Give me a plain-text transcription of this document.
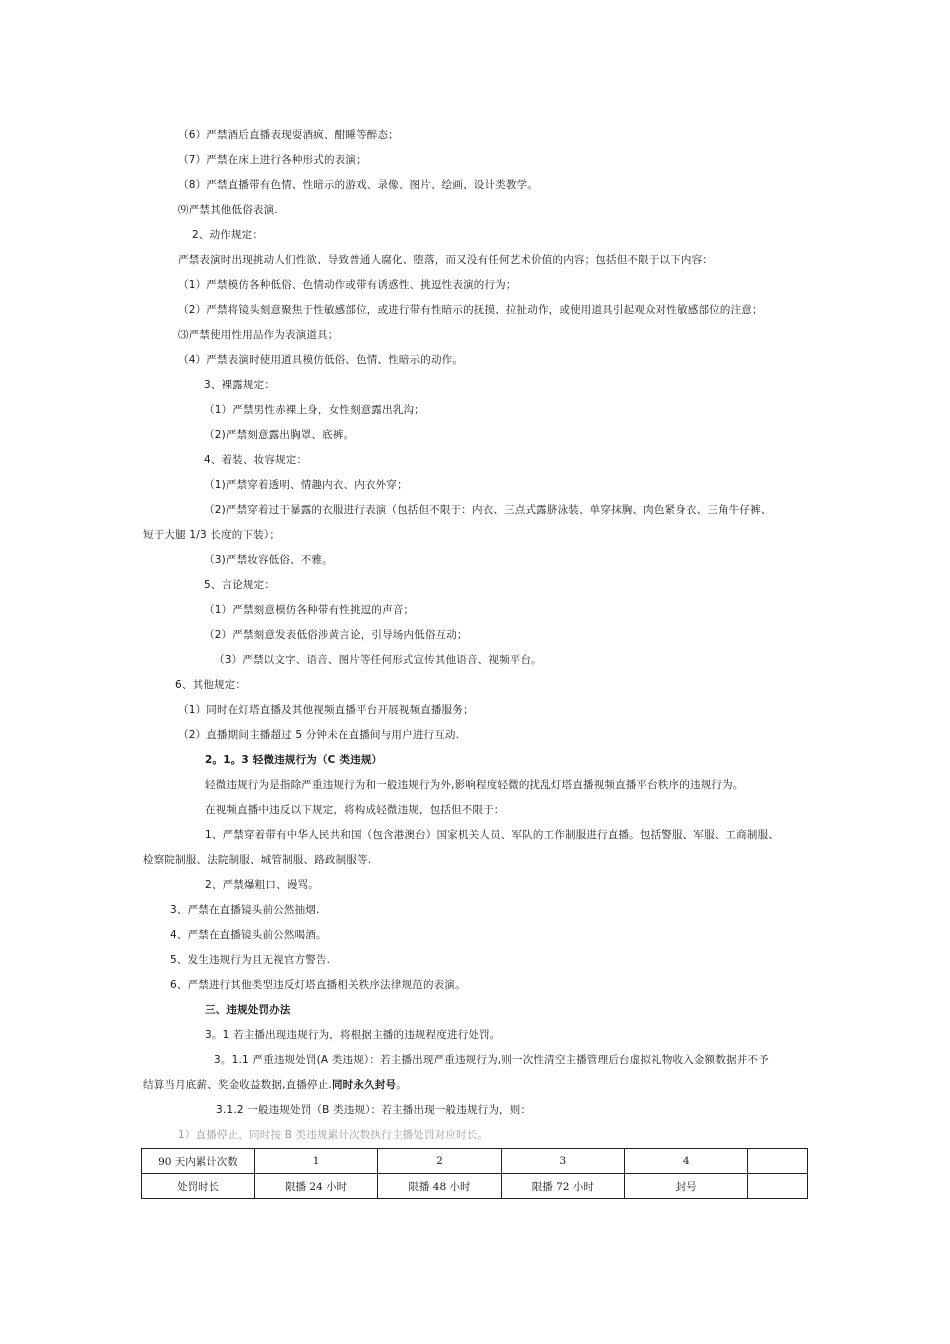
（6）严禁酒后直播表现耍酒疯、酣睡等醉态；
（7）严禁在床上进行各种形式的表演；
（8）严禁直播带有色情、性暗示的游戏、录像、图片、绘画、设计类教学。
⑼严禁其他低俗表演.
2、动作规定：
严禁表演时出现挑动人们性欲、导致普通人腐化、堕落，而又没有任何艺术价值的内容；包括但不限于以下内容：
（1）严禁模仿各种低俗、色情动作或带有诱惑性、挑逗性表演的行为；
（2）严禁将镜头刻意聚焦于性敏感部位，或进行带有性暗示的抚摸、拉扯动作，或使用道具引起观众对性敏感部位的注意；
⑶严禁使用性用品作为表演道具；
（4）严禁表演时使用道具模仿低俗、色情、性暗示的动作。
3、裸露规定：
（1）严禁男性赤裸上身，女性刻意露出乳沟；
（2)严禁刻意露出胸罩、底裤。
4、着装、妆容规定：
（1)严禁穿着透明、情趣内衣、内衣外穿；
（2)严禁穿着过于暴露的衣服进行表演（包括但不限于：内衣、三点式露脐泳装、单穿抹胸、肉色紧身衣、三角牛仔裤、
短于大腿 1/3 长度的下装）；
（3)严禁妆容低俗、不雅。
5、言论规定：
（1）严禁刻意模仿各种带有性挑逗的声音；
（2）严禁刻意发表低俗涉黄言论，引导场内低俗互动；
（3）严禁以文字、语音、图片等任何形式宣传其他语音、视频平台。
6、其他规定：
（1）同时在灯塔直播及其他视频直播平台开展视频直播服务；
（2）直播期间主播超过 5 分钟未在直播间与用户进行互动.
2。1。3 轻微违规行为（C 类违规）
轻微违规行为是指除严重违规行为和一般违规行为外,影响程度轻微的扰乱灯塔直播视频直播平台秩序的违规行为。
在视频直播中违反以下规定，将构成轻微违规，包括但不限于：
1、严禁穿着带有中华人民共和国（包含港澳台）国家机关人员、军队的工作制服进行直播。包括警服、军服、工商制服、
检察院制服、法院制服、城管制服、路政制服等.
2、严禁爆粗口、谩骂。
3、严禁在直播镜头前公然抽烟.
4、严禁在直播镜头前公然喝酒。
5、发生违规行为且无视官方警告.
6、严禁进行其他类型违反灯塔直播相关秩序法律规范的表演。
三、违规处罚办法
3。1 若主播出现违规行为，将根据主播的违规程度进行处罚。
3。1.1 严重违规处罚(A 类违规）：若主播出现严重违规行为,则一次性清空主播管理后台虚拟礼物收入金额数据并不予
结算当月底薪、奖金收益数据,直播停止.同时永久封号。
3.1.2 一般违规处罚（B 类违规）：若主播出现一般违规行为，则：
1）直播停止，同时按 B 类违规累计次数执行主播处罚对应时长。
90 天内累计次数	1	2	3	4	
处罚时长	限播 24 小时	限播 48 小时	限播 72 小时	封号	
